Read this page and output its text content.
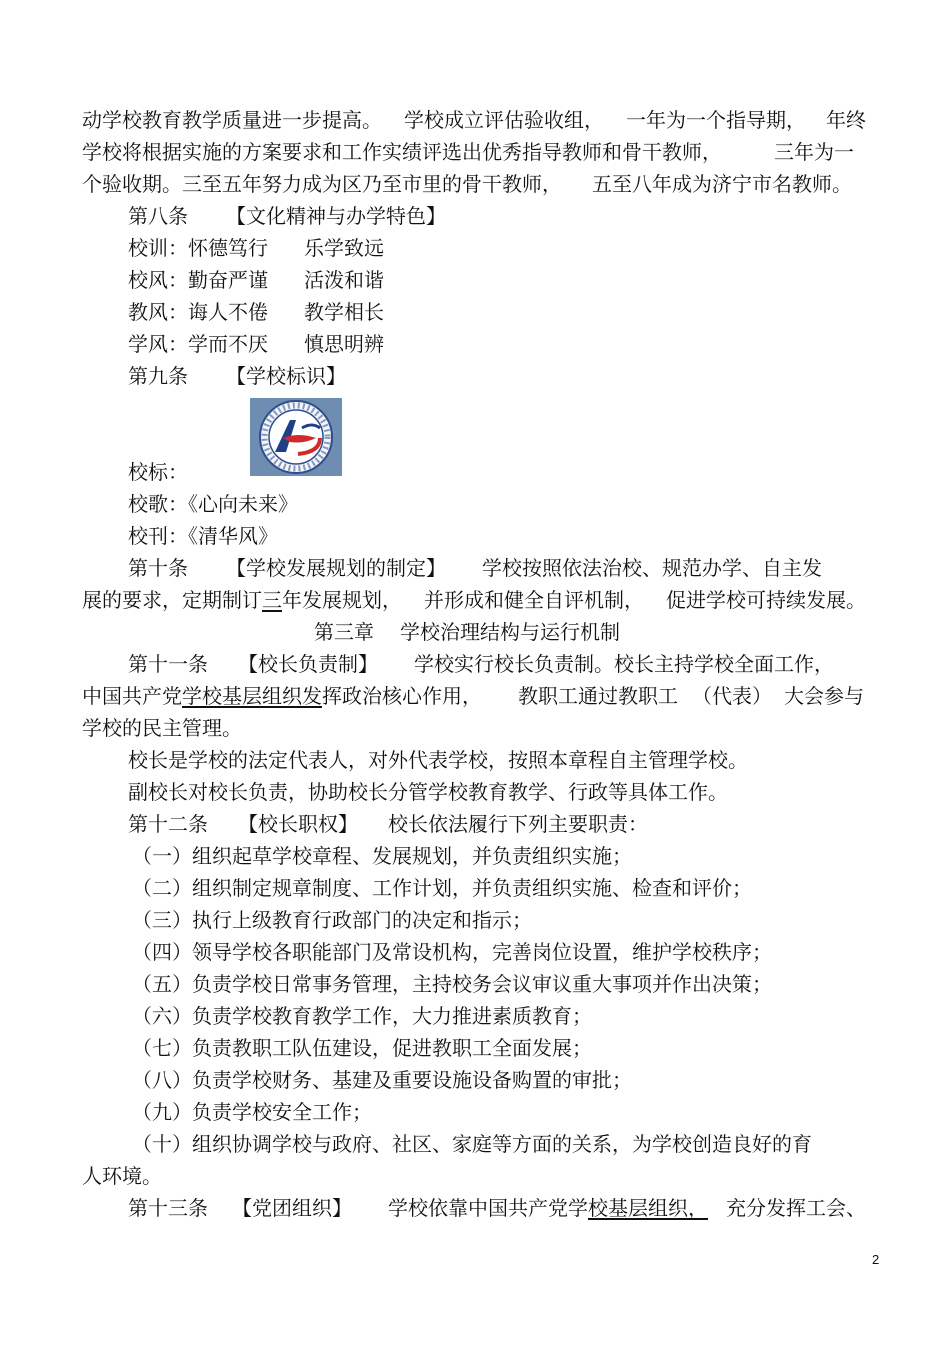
动学校教育教学质量进一步提高。 学校成立评估验收组， 一年为一个指导期， 年终
学校将根据实施的方案要求和工作实绩评选出优秀指导教师和骨干教师，	三年为一
个验收期。三至五年努力成为区乃至市里的骨干教师， 五至八年成为济宁市名教师。
第八条 【文化精神与办学特色】
校训：怀德笃行 乐学致远
校风：勤奋严谨 活泼和谐
教风：诲人不倦 教学相长
学风：学而不厌 慎思明辨
第九条 【学校标识】
校标：
校歌：《心向未来》
校刊：《清华风》
第十条 【学校发展规划的制定】 学校按照依法治校、规范办学、自主发
展的要求，定期制订三年发展规划， 并形成和健全自评机制， 促进学校可持续发展。
第三章 学校治理结构与运行机制
第十一条 【校长负责制】 学校实行校长负责制。校长主持学校全面工作，
中国共产党学校基层组织发挥政治核心作用， 教职工通过教职工 （代表） 大会参与
学校的民主管理。
校长是学校的法定代表人，对外代表学校，按照本章程自主管理学校。
副校长对校长负责，协助校长分管学校教育教学、行政等具体工作。
第十二条 【校长职权】 校长依法履行下列主要职责：
（一）组织起草学校章程、发展规划，并负责组织实施；
（二）组织制定规章制度、工作计划，并负责组织实施、检查和评价；
（三）执行上级教育行政部门的决定和指示；
（四）领导学校各职能部门及常设机构，完善岗位设置，维护学校秩序；
（五）负责学校日常事务管理，主持校务会议审议重大事项并作出决策；
（六）负责学校教育教学工作，大力推进素质教育；
（七）负责教职工队伍建设，促进教职工全面发展；
（八）负责学校财务、基建及重要设施设备购置的审批；
（九）负责学校安全工作；
（十）组织协调学校与政府、社区、家庭等方面的关系，为学校创造良好的育
人环境。
第十三条 【党团组织】 学校依靠中国共产党学校基层组织， 充分发挥工会、
2
